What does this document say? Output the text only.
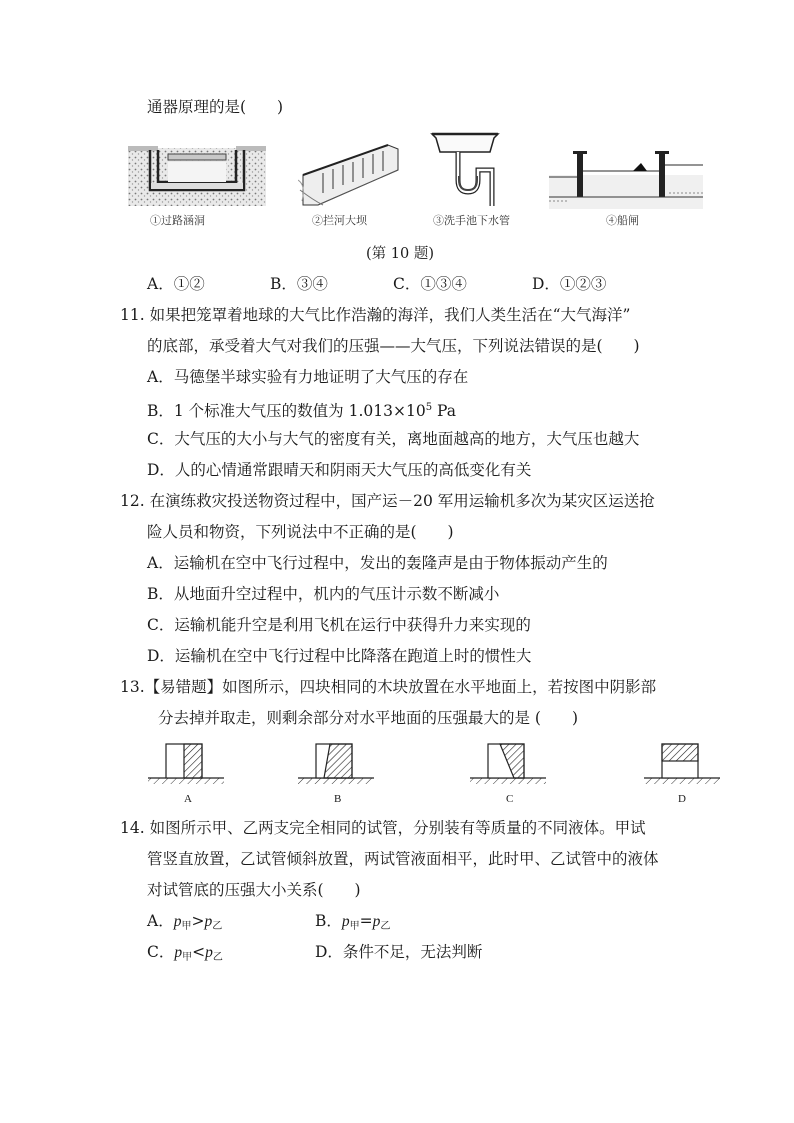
通器原理的是(　　)
①过路涵洞	②拦河大坝	③洗手池下水管	④船闸
(第 10 题)
A．①②	B．③④	C．①③④	D．①②③
11. 如果把笼罩着地球的大气比作浩瀚的海洋，我们人类生活在“大气海洋”
的底部，承受着大气对我们的压强——大气压，下列说法错误的是(　　)
A．马德堡半球实验有力地证明了大气压的存在
B．1 个标准大气压的数值为 $1.013\times 10^5$ Pa
C．大气压的大小与大气的密度有关，离地面越高的地方，大气压也越大
D．人的心情通常跟晴天和阴雨天大气压的高低变化有关
12. 在演练救灾投送物资过程中，国产运－20 军用运输机多次为某灾区运送抢
险人员和物资，下列说法中不正确的是(　　)
A．运输机在空中飞行过程中，发出的轰隆声是由于物体振动产生的
B．从地面升空过程中，机内的气压计示数不断减小
C．运输机能升空是利用飞机在运行中获得升力来实现的
D．运输机在空中飞行过程中比降落在跑道上时的惯性大
13.【易错题】如图所示，四块相同的木块放置在水平地面上，若按图中阴影部
分去掉并取走，则剩余部分对水平地面的压强最大的是 (　　)
A	B	C	D
14. 如图所示甲、乙两支完全相同的试管，分别装有等质量的不同液体。甲试
管竖直放置，乙试管倾斜放置，两试管液面相平，此时甲、乙试管中的液体
对试管底的压强大小关系(　　)
A．p甲>p乙	B．p甲=p乙
C．p甲<p乙	D．条件不足，无法判断
